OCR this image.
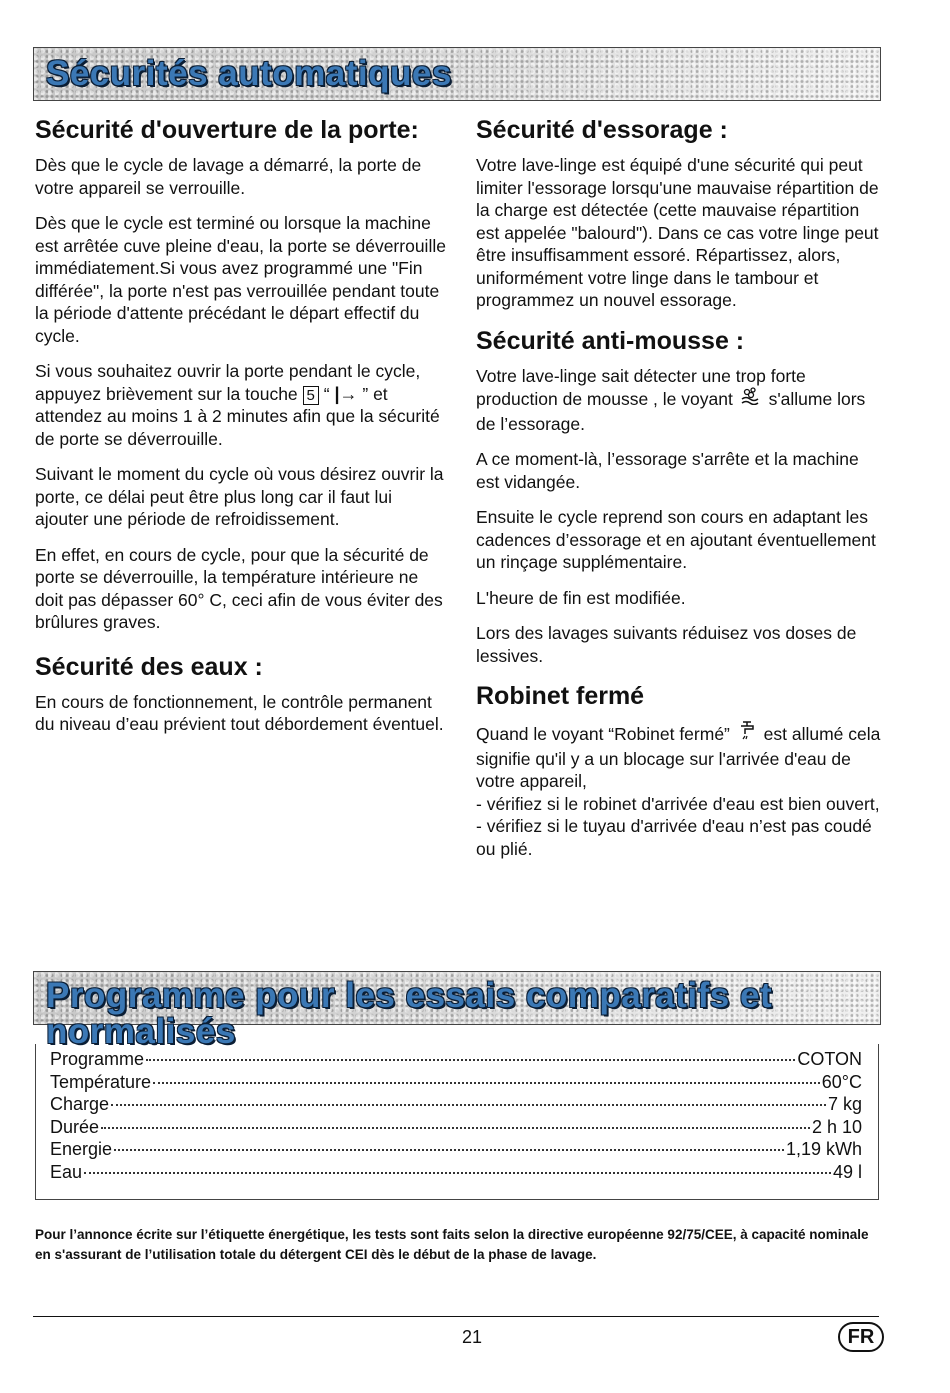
Sécurités automatiques
Sécurité d'ouverture de la porte:

Dès que le cycle de lavage a démarré, la porte de votre appareil se verrouille.

Dès que le cycle est terminé ou lorsque la machine est arrêtée cuve pleine d'eau, la porte se déverrouille immédiatement.Si vous avez programmé une "Fin différée", la porte n'est pas verrouillée pendant toute la période d'attente précédant le départ effectif du cycle.

Si vous souhaitez ouvrir la porte pendant le cycle, appuyez brièvement sur la touche 5 “ |→ ” et attendez au moins 1 à 2 minutes afin que la sécurité de porte se déverrouille.

Suivant le moment du cycle où vous désirez ouvrir la porte, ce délai peut être plus long car il faut lui ajouter une période de refroidissement.

En effet, en cours de cycle, pour que la sécurité de porte se déverrouille, la température intérieure ne doit pas dépasser 60° C, ceci afin de vous éviter des brûlures graves.

Sécurité des eaux :

En cours de fonctionnement, le contrôle permanent du niveau d’eau prévient tout débordement éventuel.

Sécurité d'essorage :

Votre lave-linge est équipé d'une sécurité qui peut limiter l'essorage lorsqu'une mauvaise répartition de la charge est détectée (cette mauvaise répartition est appelée "balourd"). Dans ce cas votre linge peut être insuffisamment essoré. Répartissez, alors, uniformément votre linge dans le tambour et programmez un nouvel essorage.

Sécurité anti-mousse :

Votre lave-linge sait détecter une trop forte production de mousse , le voyant s'allume lors de l’essorage.

A ce moment-là, l’essorage s'arrête et la machine est vidangée.

Ensuite le cycle reprend son cours en adaptant les cadences d’essorage et en ajoutant éventuellement un rinçage supplémentaire.

L'heure de fin est modifiée.

Lors des lavages suivants réduisez vos doses de lessives.

Robinet fermé

Quand le voyant “Robinet fermé” est allumé cela signifie qu'il y a un blocage sur l'arrivée d'eau de votre appareil,

- vérifiez si le robinet d'arrivée d'eau est bien ouvert,

- vérifiez si le tuyau d'arrivée d'eau n’est pas coudé ou plié.

Programme pour les essais comparatifs et
normalisés
Programme	COTON
Température	60°C
Charge	7 kg
Durée	2 h 10
Energie	1,19 kWh
Eau	49 l
Pour l’annonce écrite sur l’étiquette énergétique, les tests sont faits selon la directive européenne 92/75/CEE, à capacité nominale en s'assurant de l’utilisation totale du détergent CEI dès le début de la phase de lavage.
21	FR
